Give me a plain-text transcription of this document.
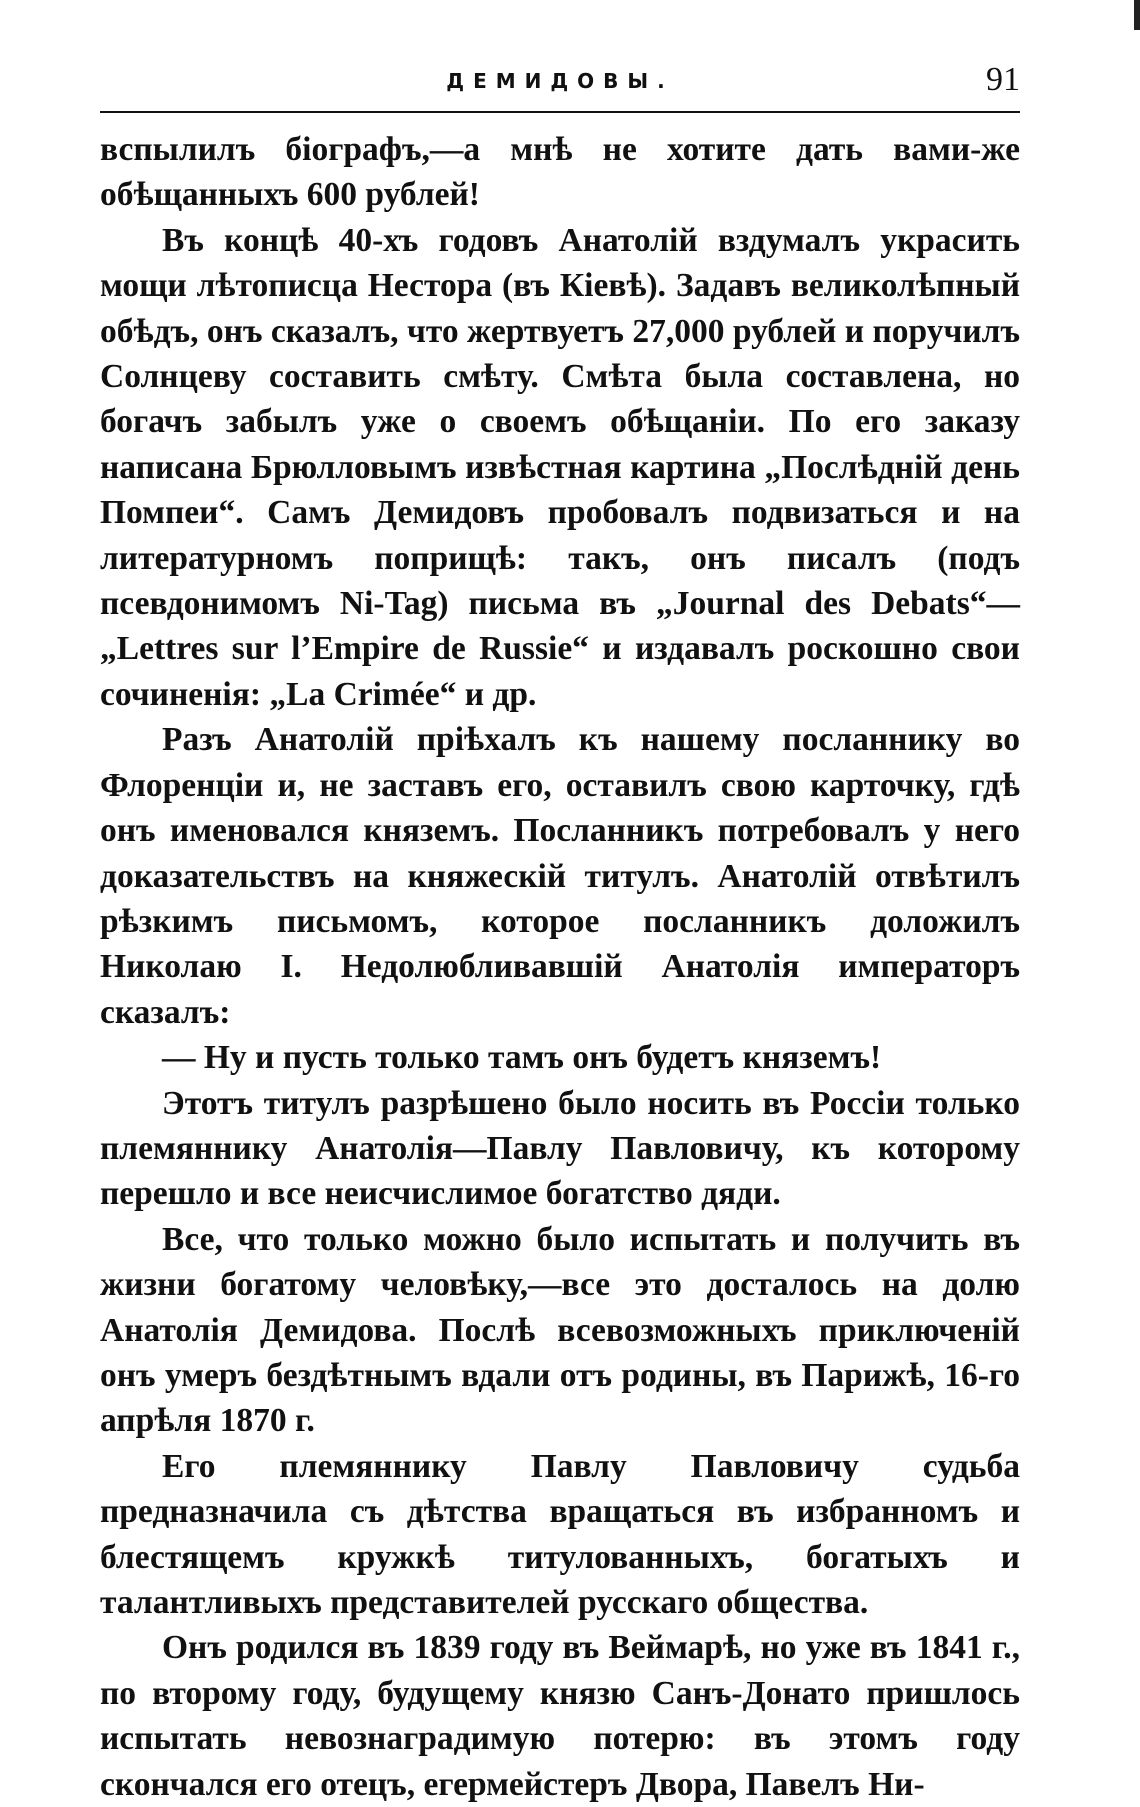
ДЕМИДОВЫ.	91

вспылилъ біографъ,—а мнѣ не хотите дать вами-же обѣщанныхъ 600 рублей!

Въ концѣ 40-хъ годовъ Анатолій вздумалъ украсить мощи лѣтописца Нестора (въ Кіевѣ). Задавъ великолѣпный обѣдъ, онъ сказалъ, что жертвуетъ 27,000 рублей и поручилъ Солнцеву составить смѣту. Смѣта была составлена, но богачъ забылъ уже о своемъ обѣщаніи. По его заказу написана Брюлловымъ извѣстная картина „Послѣдній день Помпеи“. Самъ Демидовъ пробовалъ подвизаться и на литературномъ поприщѣ: такъ, онъ писалъ (подъ псевдонимомъ Ni-Tag) письма въ „Journal des Debats“—„Lettres sur l’Empire de Russie“ и издавалъ роскошно свои сочиненія: „La Crimée“ и др.

Разъ Анатолій пріѣхалъ къ нашему посланнику во Флоренціи и, не заставъ его, оставилъ свою карточку, гдѣ онъ именовался княземъ. Посланникъ потребовалъ у него доказательствъ на княжескій титулъ. Анатолій отвѣтилъ рѣзкимъ письмомъ, которое посланникъ доложилъ Николаю I. Недолюбливавшій Анатолія императоръ сказалъ:

— Ну и пусть только тамъ онъ будетъ княземъ!

Этотъ титулъ разрѣшено было носить въ Россіи только племяннику Анатолія—Павлу Павловичу, къ которому перешло и все неисчислимое богатство дяди.

Все, что только можно было испытать и получить въ жизни богатому человѣку,—все это досталось на долю Анатолія Демидова. Послѣ всевозможныхъ приключеній онъ умеръ бездѣтнымъ вдали отъ родины, въ Парижѣ, 16-го апрѣля 1870 г.

Его племяннику Павлу Павловичу судьба предназначила съ дѣтства вращаться въ избранномъ и блестящемъ кружкѣ титулованныхъ, богатыхъ и талантливыхъ представителей русскаго общества.

Онъ родился въ 1839 году въ Веймарѣ, но уже въ 1841 г., по второму году, будущему князю Санъ-Донато пришлось испытать невознаградимую потерю: въ этомъ году скончался его отецъ, егермейстеръ Двора, Павелъ Ни-
